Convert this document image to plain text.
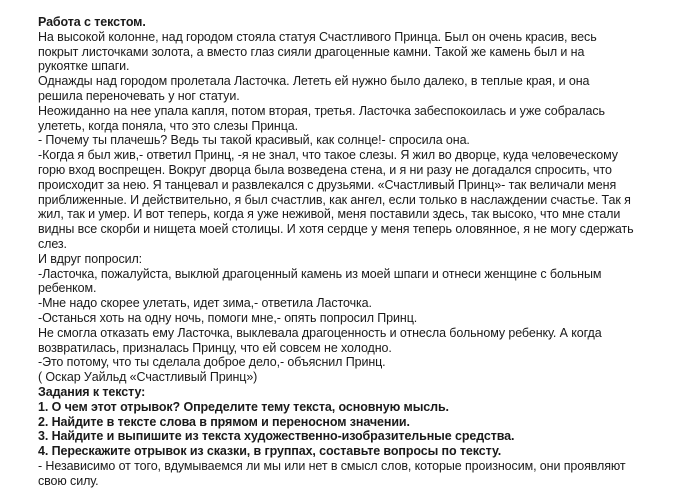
Работа с текстом.
На высокой колонне, над городом стояла статуя Счастливого Принца. Был он очень красив, весь
покрыт листочками золота, а вместо глаз сияли драгоценные камни. Такой же камень был и на
рукоятке шпаги.
Однажды над городом пролетала Ласточка. Лететь ей нужно было далеко, в теплые края, и она
решила переночевать у ног статуи.
Неожиданно на нее упала капля, потом вторая, третья. Ласточка забеспокоилась и уже собралась
улететь, когда поняла, что это слезы Принца.
- Почему ты плачешь? Ведь ты такой красивый, как солнце!- спросила она.
-Когда я был жив,- ответил Принц, -я не знал, что такое слезы. Я жил во дворце, куда человеческому
горю вход воспрещен. Вокруг дворца была возведена стена, и я ни разу не догадался спросить, что
происходит за нею. Я танцевал и развлекался с друзьями. «Счастливый Принц»- так величали меня
приближенные. И действительно, я был счастлив, как ангел, если только в наслаждении счастье. Так я
жил, так и умер. И вот теперь, когда я уже неживой, меня поставили здесь, так высоко, что мне стали
видны все скорби и нищета моей столицы. И хотя сердце у меня теперь оловянное, я не могу сдержать
слез.
И вдруг попросил:
-Ласточка, пожалуйста, выклюй драгоценный камень из моей шпаги и отнеси женщине с больным
ребенком.
-Мне надо скорее улетать, идет зима,- ответила Ласточка.
-Останься хоть на одну ночь, помоги мне,- опять попросил Принц.
Не смогла отказать ему Ласточка, выклевала драгоценность и отнесла больному ребенку. А когда
возвратилась, призналась Принцу, что ей совсем не холодно.
-Это потому, что ты сделала доброе дело,- объяснил Принц.
( Оскар Уайльд «Счастливый Принц»)
Задания к тексту:
1. О чем этот отрывок? Определите тему текста, основную мысль.
2. Найдите в тексте слова в прямом и переносном значении.
3. Найдите и выпишите из текста художественно-изобразительные средства.
4. Перескажите отрывок из сказки, в группах, составьте вопросы по тексту.
- Независимо от того, вдумываемся ли мы или нет в смысл слов, которые произносим, они проявляют
свою силу.
